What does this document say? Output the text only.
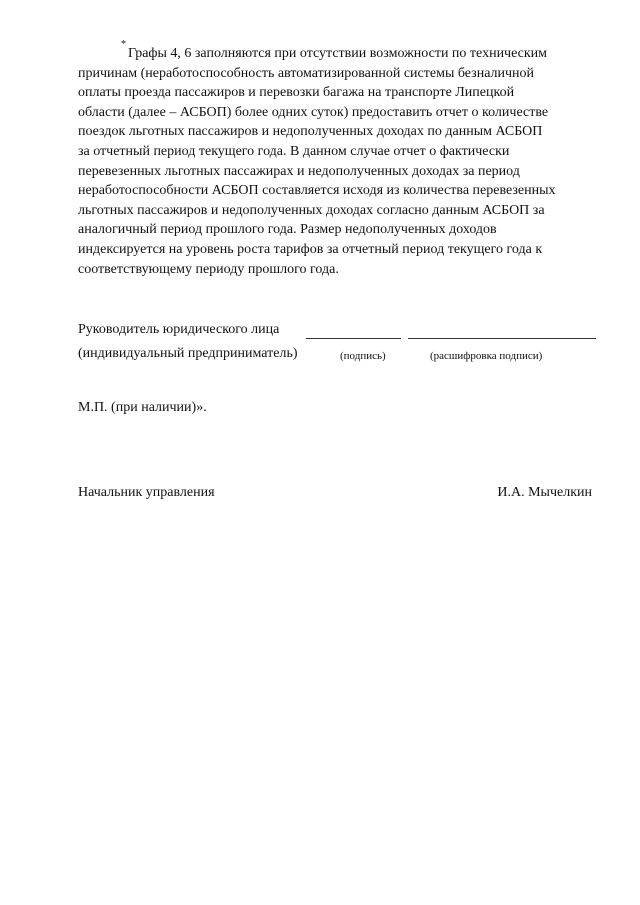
*
Графы 4, 6 заполняются при отсутствии возможности по техническим
причинам (неработоспособность автоматизированной системы безналичной
оплаты проезда пассажиров и перевозки багажа на транспорте Липецкой
области (далее – АСБОП) более одних суток) предоставить отчет о количестве
поездок льготных пассажиров и недополученных доходах по данным АСБОП
за отчетный период текущего года. В данном случае отчет о фактически
перевезенных льготных пассажирах и недополученных доходах за период
неработоспособности АСБОП составляется исходя из количества перевезенных
льготных пассажиров и недополученных доходах согласно данным АСБОП за
аналогичный период прошлого года. Размер недополученных доходов
индексируется на уровень роста тарифов за отчетный период текущего года к
соответствующему периоду прошлого года.
Руководитель юридического лица
(индивидуальный предприниматель)	(подпись)	(расшифровка подписи)
М.П. (при наличии)».
Начальник управления	И.А. Мычелкин
